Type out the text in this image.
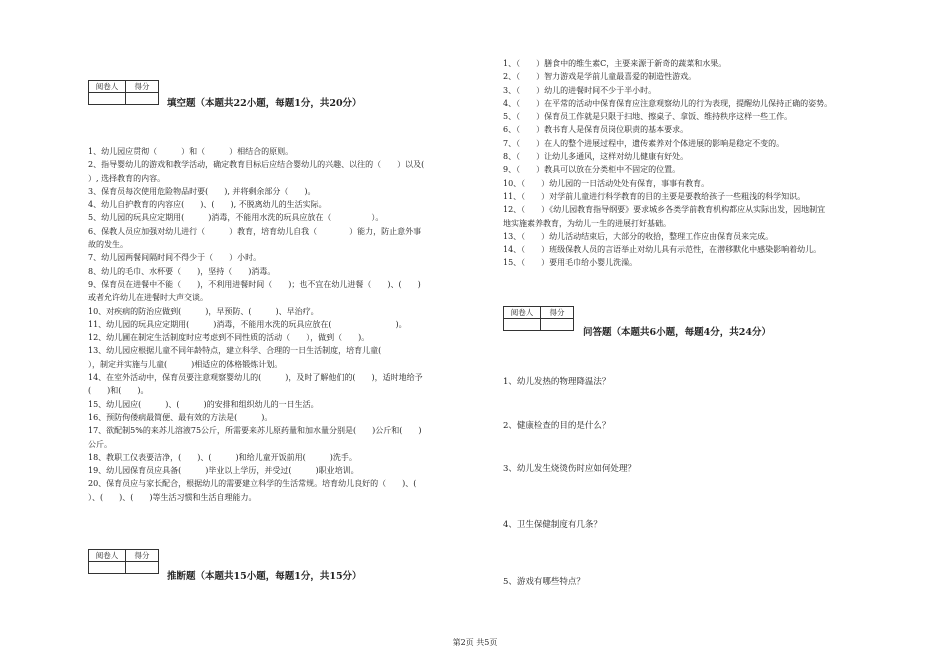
阅卷人	得分

填空题（本题共22小题，每题1分，共20分）
1、幼儿园应贯彻（　　　）和（　　　）相结合的原则。
2、指导婴幼儿的游戏和教学活动，确定教育目标后应结合婴幼儿的兴趣、以往的（　　）以及(
）, 选择教育的内容。
3、保育员每次使用危险物品时要(　　), 并将剩余部分（　　)。
4、幼儿自护教育的内容应(　　)、(　　), 不脱离幼儿的生活实际。
5、幼儿园的玩具应定期用(　　　)消毒，不能用水洗的玩具应放在（　　　　　）。
6、保教人员应加强对幼儿进行（　　　）教育，培育幼儿自我（　　　　）能力，防止意外事
故的发生。
7、幼儿园两餐间隔时间不得少于（　　）小时。
8、幼儿的毛巾、水杯要（　　)，坚持（　　)消毒。
9、保育员在进餐中不能（　　)，不利用进餐时间（　　)；也不宜在幼儿进餐（　　)、(　　)
或者允许幼儿在进餐时大声交谈。
10、对疾病的防治应做到(　　　)，早预防、(　　　)、早治疗。
11、幼儿园的玩具应定期用(　　　)消毒，不能用水洗的玩具应放在(　　　　　　　　)。
12、幼儿圃在制定生活制度时应考虑到不同性质的活动（　　），做到（　　)。
13、幼儿园应根据儿童不同年龄特点，建立科学、合理的一日生活制度，培育儿童(
），制定并实施与儿童(　　　)相适应的体格锻炼计划。
14、在室外活动中，保育员要注意观察婴幼儿的(　　　)，及时了解他们的(　　)，适时地给予
(　　)和(　　)。
15、幼儿园应(　　　)、(　　　)的安排和组织幼儿的一日生活。
16、预防佝偻病最简便、最有效的方法是(　　　)。
17、欲配制5%的来苏儿溶液75公斤，所需要来苏儿原药量和加水量分别是(　　)公斤和(　　)
公斤。
18、教职工仪表要洁净，(　　)、(　　　)和给儿童开饭前用(　　　)洗手。
19、幼儿园保育员应具备(　　　)毕业以上学历，并受过(　　　)职业培训。
20、保育员应与家长配合，根据幼儿的需要建立科学的生活常规。培育幼儿良好的（　　)、(
）、(　　)、(　　)等生活习惯和生活自理能力。
阅卷人	得分

推断题（本题共15小题，每题1分，共15分）
1、（　　）膳食中的维生素C，主要来源于新奇的蔬菜和水果。
2、（　　）智力游戏是学前儿童最喜爱的制造性游戏。
3、（　　）幼儿的进餐时间不少于半小时。
4、（　　）在平常的活动中保育保育应注意观察幼儿的行为表现，提醒幼儿保持正确的姿势。
5、（　　）保育员工作就是只限于扫地、擦桌子、拿饭、维持秩序这样一些工作。
6、（　　）教书育人是保育员岗位职责的基本要求。
7、（　　）在人的整个进展过程中，遗传素养对个体进展的影响是稳定不变的。
8、（　　）让幼儿多通风，这样对幼儿健康有好处。
9、（　　）教具可以放在分类柜中不固定的位置。
10、（　　）幼儿园的一日活动处处有保育，事事有教育。
11、（　　）对学前儿童进行科学教育的目的主要是要教给孩子一些粗浅的科学知识。
12、（　　）《幼儿园教育指导纲要》要求城乡各类学前教育机构都应从实际出发，因地制宜
地实施素养教育，为幼儿一生的进展打好基础。
13、（　　）幼儿活动结束后，大部分的收拾，整理工作应由保育员来完成。
14、（　　）班级保教人员的言语举止对幼儿具有示范性，在潜移默化中感染影响着幼儿。
15、（　　）要用毛巾给小婴儿洗澡。
阅卷人	得分

问答题（本题共6小题，每题4分，共24分）
1、幼儿发热的物理降温法？
2、健康检查的目的是什么？
3、幼儿发生烧烫伤时应如何处理？
4、卫生保健制度有几条？
5、游戏有哪些特点？
第2页 共5页
